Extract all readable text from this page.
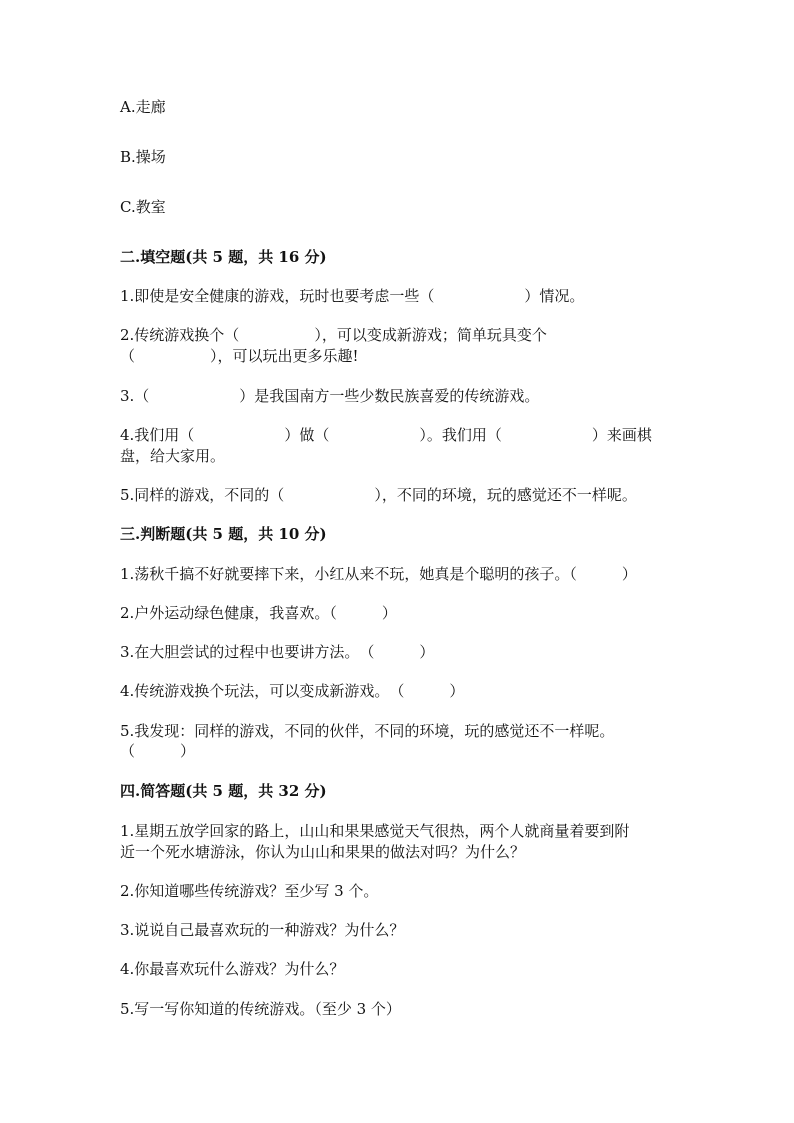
A.走廊
B.操场
C.教室
二.填空题(共 5 题，共 16 分)
1.即使是安全健康的游戏，玩时也要考虑一些（　　　　　　）情况。
2.传统游戏换个（　　　　　），可以变成新游戏；简单玩具变个
（　　　　　），可以玩出更多乐趣!
3.（　　　　　　）是我国南方一些少数民族喜爱的传统游戏。
4.我们用（　　　　　　）做（　　　　　　）。我们用（　　　　　　）来画棋
盘，给大家用。
5.同样的游戏，不同的（　　　　　　），不同的环境，玩的感觉还不一样呢。
三.判断题(共 5 题，共 10 分)
1.荡秋千搞不好就要摔下来，小红从来不玩，她真是个聪明的孩子。（　　　）
2.户外运动绿色健康，我喜欢。（　　　）
3.在大胆尝试的过程中也要讲方法。　（　　　）
4.传统游戏换个玩法，可以变成新游戏。　（　　　）
5.我发现：同样的游戏，不同的伙伴，不同的环境，玩的感觉还不一样呢。
（　　　）
四.简答题(共 5 题，共 32 分)
1.星期五放学回家的路上，山山和果果感觉天气很热，两个人就商量着要到附
近一个死水塘游泳，你认为山山和果果的做法对吗？为什么？
2.你知道哪些传统游戏？至少写 3 个。
3.说说自己最喜欢玩的一种游戏？为什么？
4.你最喜欢玩什么游戏？为什么？
5.写一写你知道的传统游戏。（至少 3 个）
